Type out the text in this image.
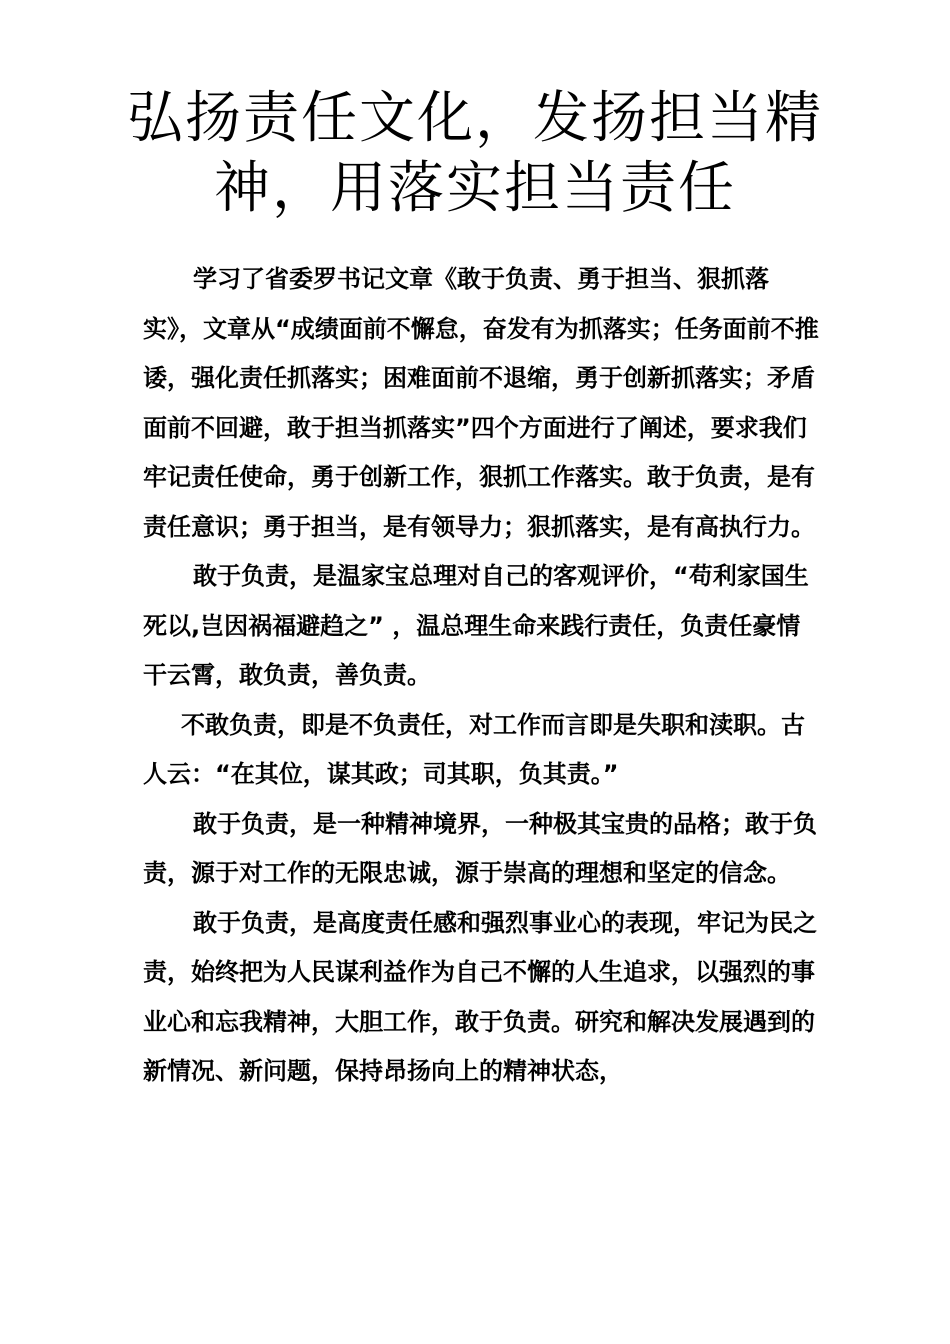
弘扬责任文化，发扬担当精神，用落实担当责任

学习了省委罗书记文章《敢于负责、勇于担当、狠抓落实》，文章从“成绩面前不懈怠，奋发有为抓落实；任务面前不推诿，强化责任抓落实；困难面前不退缩，勇于创新抓落实；矛盾面前不回避，敢于担当抓落实”四个方面进行了阐述，要求我们牢记责任使命，勇于创新工作，狠抓工作落实。敢于负责，是有责任意识；勇于担当，是有领导力；狠抓落实，是有高执行力。

敢于负责，是温家宝总理对自己的客观评价，“苟利家国生死以,岂因祸福避趋之” ，温总理生命来践行责任，负责任豪情干云霄，敢负责，善负责。

不敢负责，即是不负责任，对工作而言即是失职和渎职。古人云：“在其位，谋其政；司其职，负其责。”

敢于负责，是一种精神境界，一种极其宝贵的品格；敢于负责，源于对工作的无限忠诚，源于崇高的理想和坚定的信念。

敢于负责，是高度责任感和强烈事业心的表现，牢记为民之责，始终把为人民谋利益作为自己不懈的人生追求，以强烈的事业心和忘我精神，大胆工作，敢于负责。研究和解决发展遇到的新情况、新问题，保持昂扬向上的精神状态，
